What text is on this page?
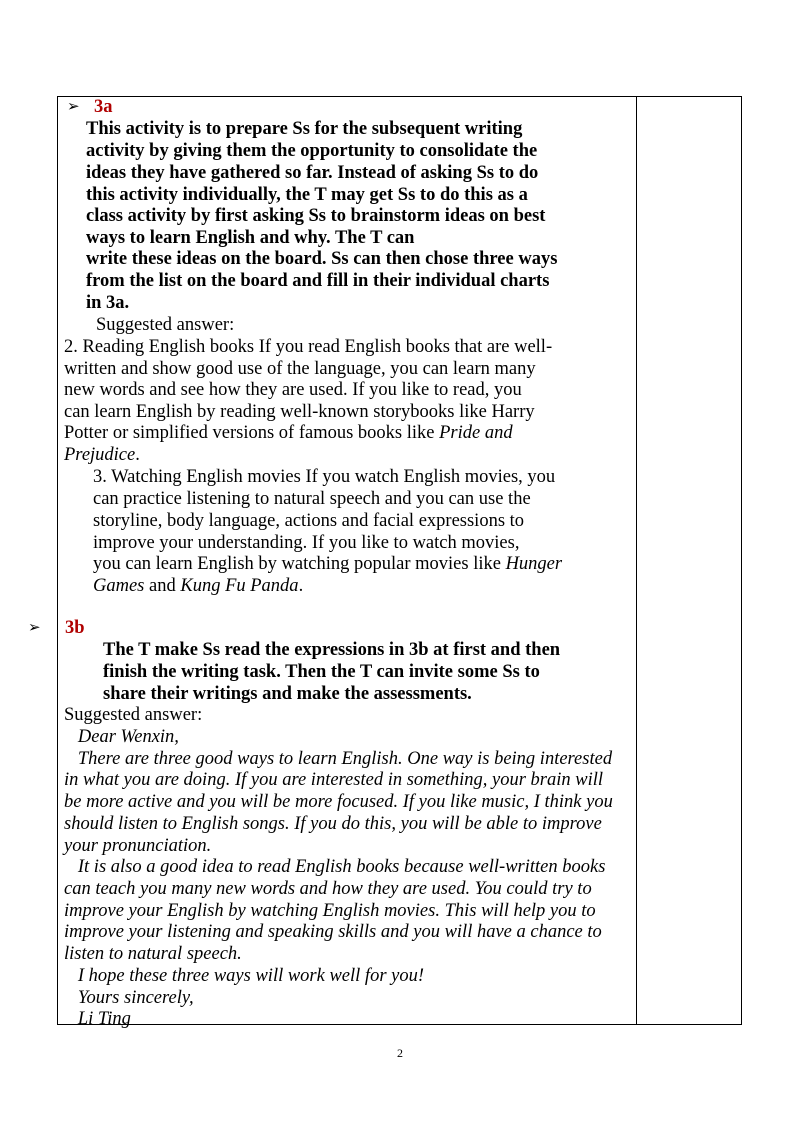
➢ 3a
This activity is to prepare Ss for the subsequent writing
activity by giving them the opportunity to consolidate the
ideas they have gathered so far. Instead of asking Ss to do
this activity individually, the T may get Ss to do this as a
class activity by first asking Ss to brainstorm ideas on best
ways to learn English and why. The T can
write these ideas on the board. Ss can then chose three ways
from the list on the board and fill in their individual charts
in 3a.
Suggested answer:
2. Reading English books If you read English books that are well-
written and show good use of the language, you can learn many
new words and see how they are used. If you like to read, you
can learn English by reading well-known storybooks like Harry
Potter or simplified versions of famous books like Pride and
Prejudice.
3. Watching English movies If you watch English movies, you
can practice listening to natural speech and you can use the
storyline, body language, actions and facial expressions to
improve your understanding. If you like to watch movies,
you can learn English by watching popular movies like Hunger
Games and Kung Fu Panda.
➢ 3b
The T make Ss read the expressions in 3b at first and then
finish the writing task. Then the T can invite some Ss to
share their writings and make the assessments.
Suggested answer:
Dear Wenxin,
There are three good ways to learn English. One way is being interested
in what you are doing. If you are interested in something, your brain will
be more active and you will be more focused. If you like music, I think you
should listen to English songs. If you do this, you will be able to improve
your pronunciation.
It is also a good idea to read English books because well-written books
can teach you many new words and how they are used. You could try to
improve your English by watching English movies. This will help you to
improve your listening and speaking skills and you will have a chance to
listen to natural speech.
I hope these three ways will work well for you!
Yours sincerely,
Li Ting
2
